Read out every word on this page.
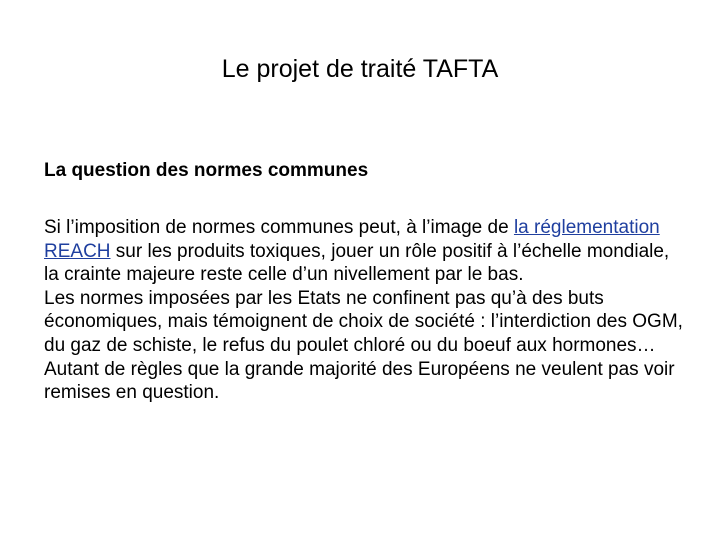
Le projet de traité TAFTA
La question des normes communes

Si l’imposition de normes communes peut, à l’image de la réglementation REACH sur les produits toxiques, jouer un rôle positif à l’échelle mondiale, la crainte majeure reste celle d’un nivellement par le bas.

Les normes imposées par les Etats ne confinent pas qu’à des buts économiques, mais témoignent de choix de société : l’interdiction des OGM, du gaz de schiste, le refus du poulet chloré ou du boeuf aux hormones… Autant de règles que la grande majorité des Européens ne veulent pas voir remises en question.
